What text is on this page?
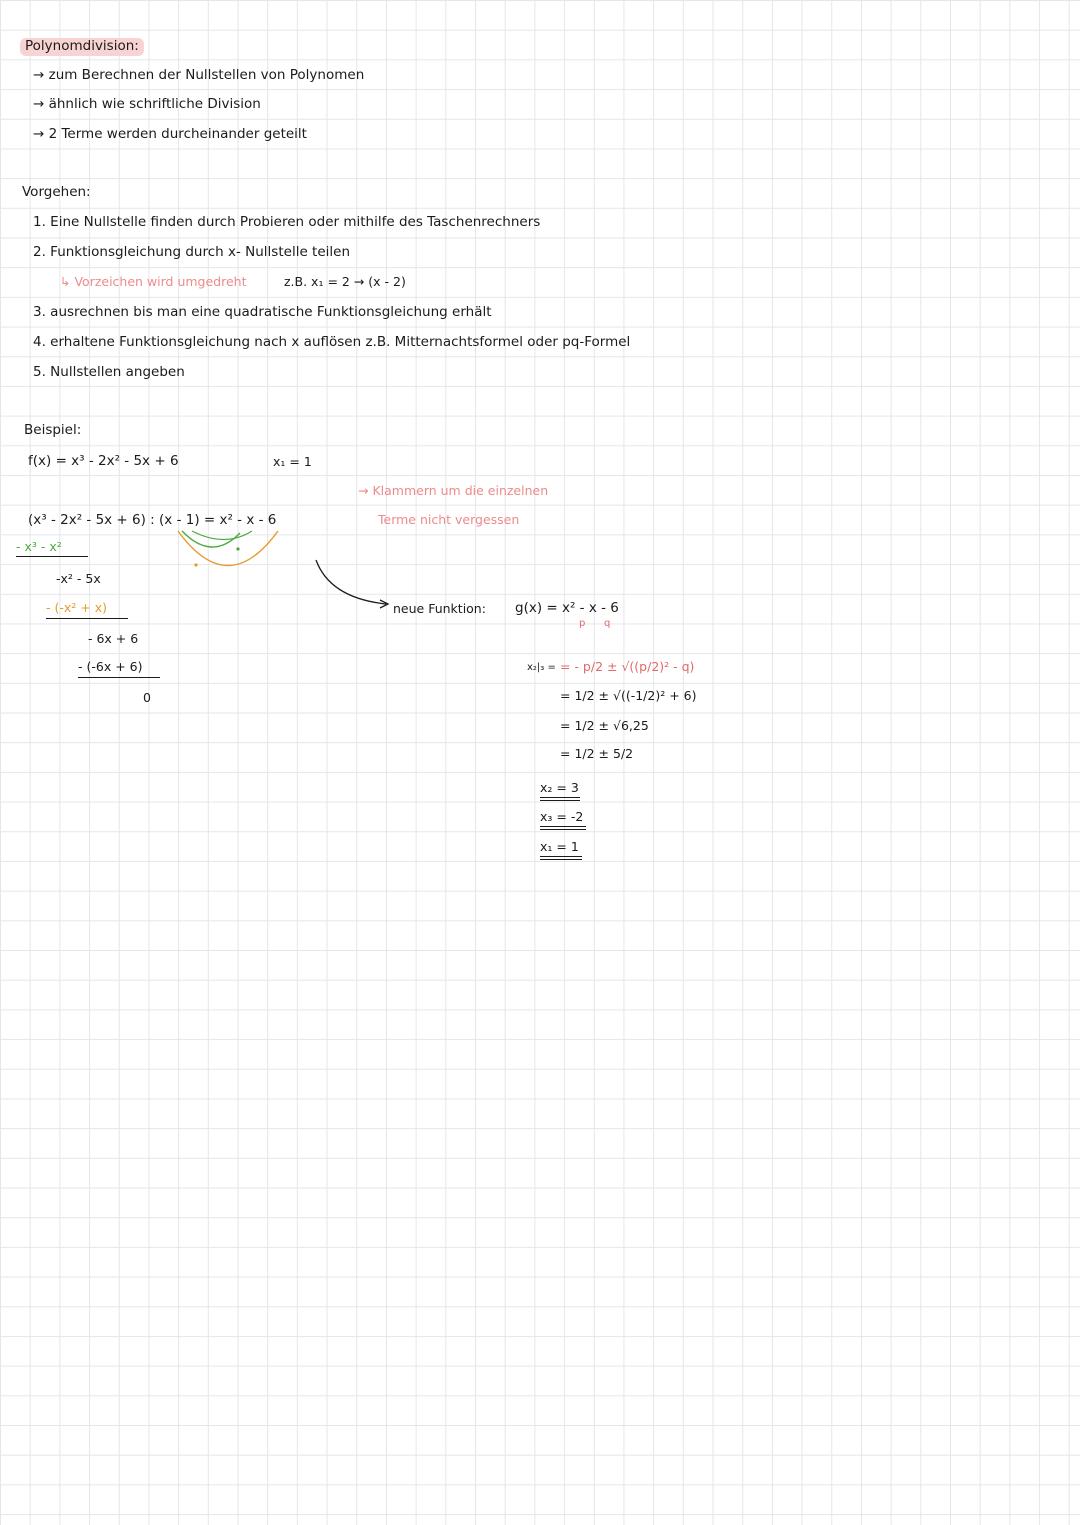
Polynomdivision:
→ zum Berechnen der Nullstellen von Polynomen
→ ähnlich wie schriftliche Division
→ 2 Terme werden durcheinander geteilt
Vorgehen:
1. Eine Nullstelle finden durch Probieren oder mithilfe des Taschenrechners
2. Funktionsgleichung durch x- Nullstelle teilen
↳ Vorzeichen wird umgedreht	z.B. x₁ = 2 → (x - 2)
3. ausrechnen bis man eine quadratische Funktionsgleichung erhält
4. erhaltene Funktionsgleichung nach x auflösen z.B. Mitternachtsformel oder pq-Formel
5. Nullstellen angeben
Beispiel:
f(x) = x³ - 2x² - 5x + 6	x₁ = 1
→ Klammern um die einzelnen
Terme nicht vergessen
(x³ - 2x² - 5x + 6) : (x - 1) = x² - x - 6
- x³ - x²
-x² - 5x
- (-x² + x)
- 6x + 6
- (-6x + 6)
0
neue Funktion: g(x) = x² - x - 6
p q
x₂|₃ = = - p/2 ± √((p/2)² - q)
= 1/2 ± √((-1/2)² + 6)
= 1/2 ± √6,25
= 1/2 ± 5/2
x₂ = 3
x₃ = -2
x₁ = 1
